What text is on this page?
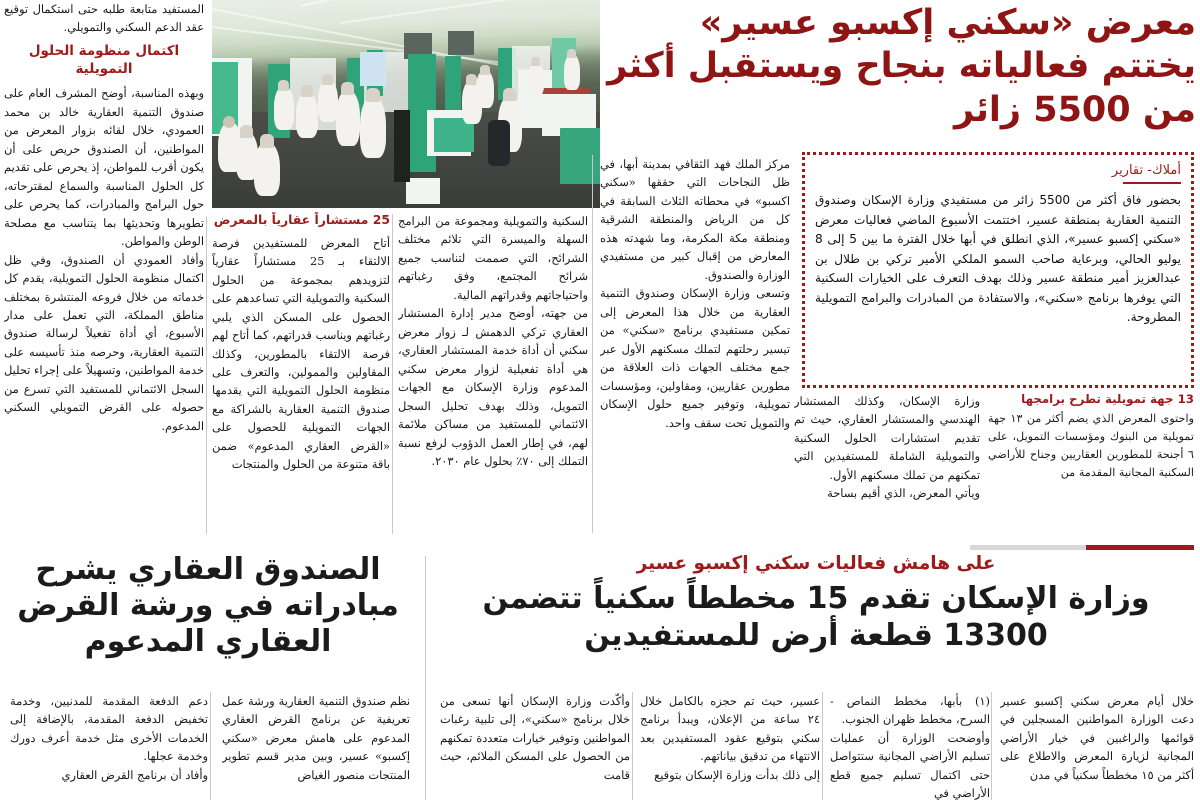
المستفيد متابعة طلبه حتى استكمال توقيع عقد الدعم السكني والتمويلي.
اكتمال منظومة الحلول التمويلية
وبهذه المناسبة، أوضح المشرف العام على صندوق التنمية العقارية خالد بن محمد العمودي، خلال لقائه بزوار المعرض من المواطنين، أن الصندوق حريص على أن يكون أقرب للمواطن، إذ يحرص على تقديم كل الحلول المناسبة والسماع لمقترحاته، حول البرامج والمبادرات، كما يحرص على تطويرها وتحديثها بما يتناسب مع مصلحة الوطن والمواطن.
وأفاد العمودي أن الصندوق، وفي ظل اكتمال منظومة الحلول التمويلية، يقدم كل خدماته من خلال فروعه المنتشرة بمختلف مناطق المملكة، التي تعمل على مدار الأسبوع، أي أداة تفعيلاً لرسالة صندوق التنمية العقارية، وحرصه منذ تأسيسه على خدمة المواطنين، وتسهيلاً على إجراء تحليل السجل الائتماني للمستفيد التي تسرع من حصوله على القرض التمويلي السكني المدعوم.
معرض «سكني إكسبو عسير» يختتم فعالياته بنجاح ويستقبل أكثر من 5500 زائر
أملاك- تقارير
بحضور فاق أكثر من 5500 زائر من مستفيدي وزارة الإسكان وصندوق التنمية العقارية بمنطقة عسير، اختتمت الأسبوع الماضي فعاليات معرض «سكني إكسبو عسير»، الذي انطلق في أبها خلال الفترة ما بين 5 إلى 8 يوليو الحالي، وبرعاية صاحب السمو الملكي الأمير تركي بن طلال بن عبدالعزيز أمير منطقة عسير وذلك بهدف التعرف على الخيارات السكنية التي يوفرها برنامج «سكني»، والاستفادة من المبادرات والبرامج التمويلية المطروحة.
25 مستشاراً عقارياً بالمعرض
أتاح المعرض للمستفيدين فرصة الالتقاء بـ 25 مستشاراً عقارياً لتزويدهم بمجموعة من الحلول السكنية والتمويلية التي تساعدهم على الحصول على المسكن الذي يلبي رغباتهم ويناسب قدراتهم، كما أتاح لهم فرصة الالتقاء بالمطورين، وكذلك المقاولين والممولين، والتعرف على منظومة الحلول التمويلية التي يقدمها صندوق التنمية العقارية بالشراكة مع الجهات التمويلية للحصول على «القرض العقاري المدعوم» ضمن باقة متنوعة من الحلول والمنتجات
السكنية والتمويلية ومجموعة من البرامج السهلة والميسرة التي تلائم مختلف الشرائح، التي صممت لتناسب جميع شرائح المجتمع، وفق رغباتهم واحتياجاتهم وقدراتهم المالية.
من جهته، أوضح مدير إدارة المستشار العقاري تركي الدهمش لـ زوار معرض سكني أن أداة خدمة المستشار العقاري، هي أداة تفعيلية لزوار معرض سكني المدعوم وزارة الإسكان مع الجهات التمويل، وذلك بهدف تحليل السجل الائتماني للمستفيد من مساكن ملائمة لهم، في إطار العمل الدؤوب لرفع نسبة التملك إلى ٧٠٪ بحلول عام ٢٠٣٠.
مركز الملك فهد الثقافي بمدينة أبها، في ظل النجاحات التي حققها «سكني اكسبو» في محطاته الثلاث السابقة في كل من الرياض والمنطقة الشرقية ومنطقة مكة المكرمة، وما شهدته هذه المعارض من إقبال كبير من مستفيدي الوزارة والصندوق.
وتسعى وزارة الإسكان وصندوق التنمية العقارية من خلال هذا المعرض إلى تمكين مستفيدي برنامج «سكني» من تيسير رحلتهم لتملك مسكنهم الأول عبر جمع مختلف الجهات ذات العلاقة من مطورين عقاريين، ومقاولين، ومؤسسات تمويلية، وتوفير جميع حلول الإسكان والتمويل تحت سقف واحد.
13 جهة تمويلية تطرح برامجها
واحتوى المعرض الذي يضم أكثر من ١٣ جهة تمويلية من البنوك ومؤسسات التمويل، على ٦ أجنحة للمطورين العقاريين وجناح للأراضي السكنية المجانية المقدمة من
وزارة الإسكان، وكذلك المستشار الهندسي والمستشار العقاري، حيث تم تقديم استشارات الحلول السكنية والتمويلية الشاملة للمستفيدين التي تمكنهم من تملك مسكنهم الأول.
ويأتي المعرض، الذي أقيم بساحة
الصندوق العقاري يشرح مبادراته في ورشة القرض العقاري المدعوم
نظم صندوق التنمية العقارية ورشة عمل تعريفية عن برنامج القرض العقاري المدعوم على هامش معرض «سكني إكسبو» عسير، وبين مدير قسم تطوير المنتجات منصور الغياض
دعم الدفعة المقدمة للمدنيين، وخدمة تخفيض الدفعة المقدمة، بالإضافة إلى الخدمات الأخرى مثل خدمة أعرف دورك وخدمة عجلها.
وأفاد أن برنامج القرض العقاري
على هامش فعاليات سكني إكسبو عسير
وزارة الإسكان تقدم 15 مخططاً سكنياً تتضمن 13300 قطعة أرض للمستفيدين
خلال أيام معرض سكني إكسبو عسير دعت الوزارة المواطنين المسجلين في قوائمها والراغبين في خيار الأراضي المجانية لزيارة المعرض والاطلاع على أكثر من ١٥ مخططاً سكنياً في مدن
(١) بأبها، مخطط النماص - السرح، مخطط ظهران الجنوب.
وأوضحت الوزارة أن عمليات تسليم الأراضي المجانية ستتواصل حتى اكتمال تسليم جميع قطع الأراضي في
عسير، حيث تم حجزه بالكامل خلال ٢٤ ساعة من الإعلان، ويبدأ برنامج سكني بتوقيع عقود المستفيدين بعد الانتهاء من تدقيق بياناتهم.
إلى ذلك بدأت وزارة الإسكان بتوقيع
وأكّدت وزارة الإسكان أنها تسعى من خلال برنامج «سكني»، إلى تلبية رغبات المواطنين وتوفير خيارات متعددة تمكنهم من الحصول على المسكن الملائم، حيث قامت
